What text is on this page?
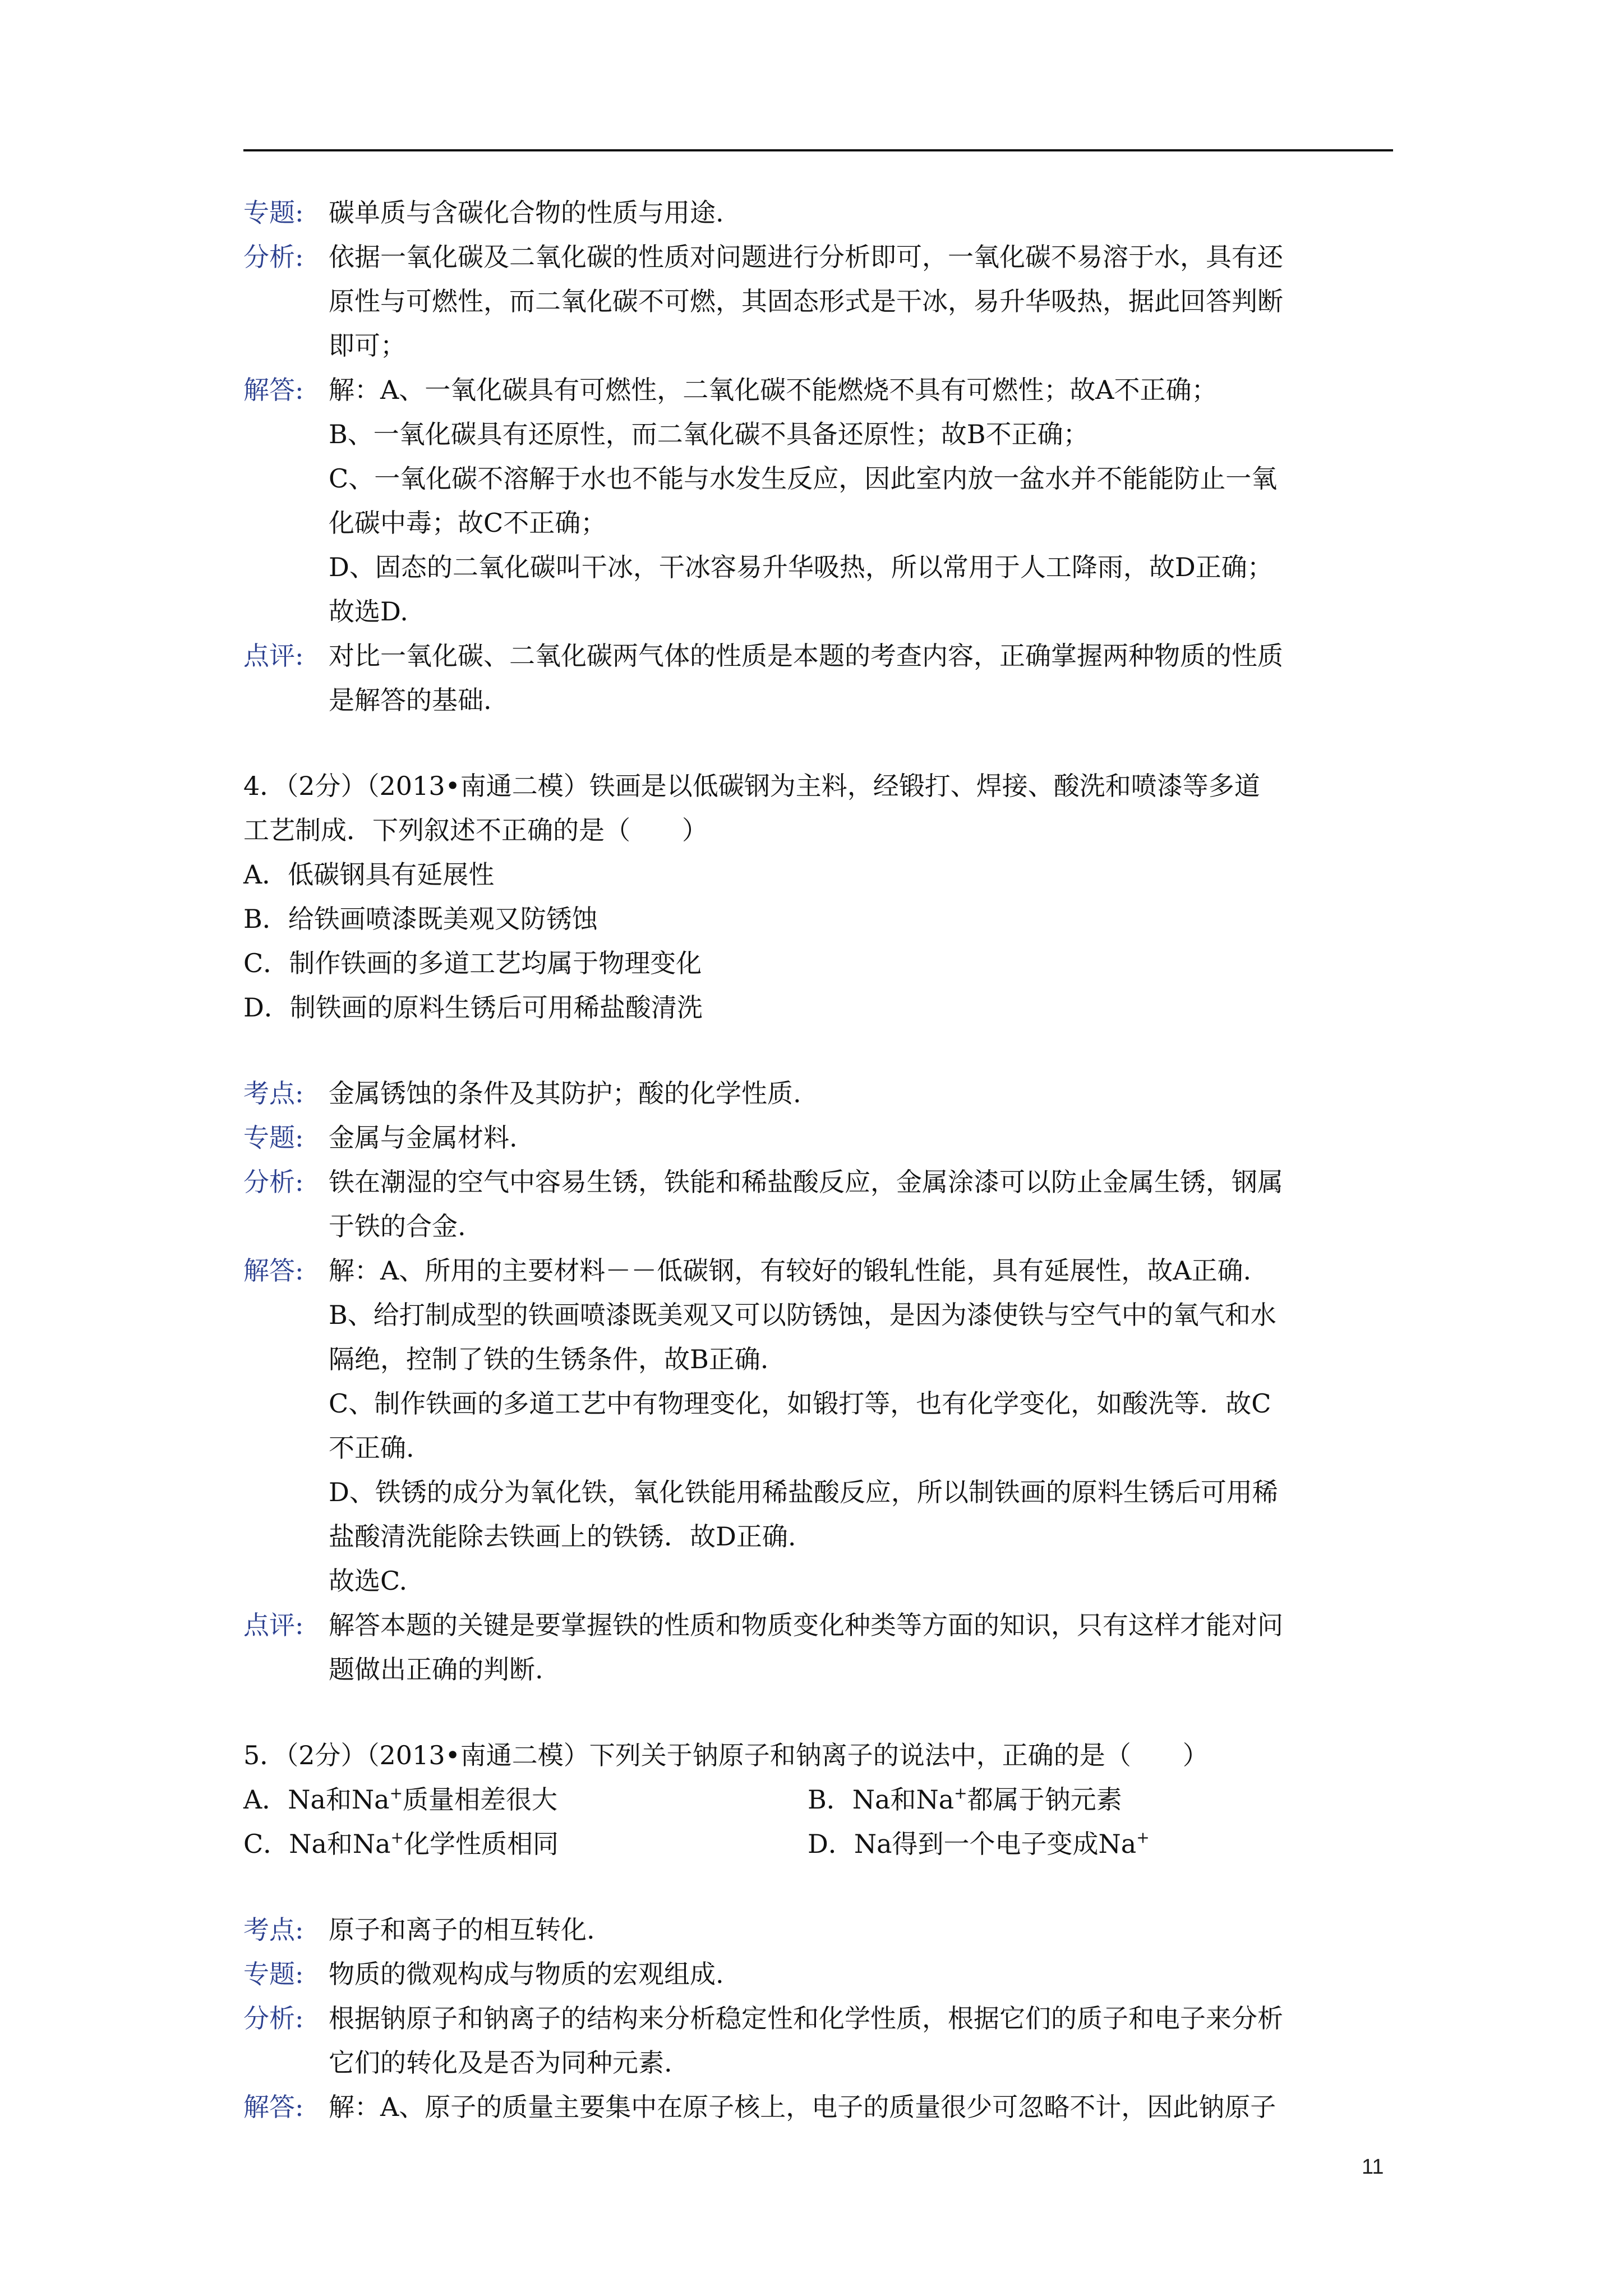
专题: 碳单质与含碳化合物的性质与用途.
分析: 依据一氧化碳及二氧化碳的性质对问题进行分析即可，一氧化碳不易溶于水，具有还
原性与可燃性，而二氧化碳不可燃，其固态形式是干冰，易升华吸热，据此回答判断
即可；
解答: 解：A、一氧化碳具有可燃性，二氧化碳不能燃烧不具有可燃性；故A不正确；
B、一氧化碳具有还原性，而二氧化碳不具备还原性；故B不正确；
C、一氧化碳不溶解于水也不能与水发生反应，因此室内放一盆水并不能能防止一氧
化碳中毒；故C不正确；
D、固态的二氧化碳叫干冰，干冰容易升华吸热，所以常用于人工降雨，故D正确；
故选D.
点评: 对比一氧化碳、二氧化碳两气体的性质是本题的考查内容，正确掌握两种物质的性质
是解答的基础.
4．（2分）（2013•南通二模）铁画是以低碳钢为主料，经锻打、焊接、酸洗和喷漆等多道
工艺制成．下列叙述不正确的是（　　）
A．低碳钢具有延展性
B．给铁画喷漆既美观又防锈蚀
C．制作铁画的多道工艺均属于物理变化
D．制铁画的原料生锈后可用稀盐酸清洗
考点: 金属锈蚀的条件及其防护；酸的化学性质.
专题: 金属与金属材料.
分析: 铁在潮湿的空气中容易生锈，铁能和稀盐酸反应，金属涂漆可以防止金属生锈，钢属
于铁的合金.
解答: 解：A、所用的主要材料－－低碳钢，有较好的锻轧性能，具有延展性，故A正确.
B、给打制成型的铁画喷漆既美观又可以防锈蚀，是因为漆使铁与空气中的氧气和水
隔绝，控制了铁的生锈条件，故B正确.
C、制作铁画的多道工艺中有物理变化，如锻打等，也有化学变化，如酸洗等．故C
不正确.
D、铁锈的成分为氧化铁，氧化铁能用稀盐酸反应，所以制铁画的原料生锈后可用稀
盐酸清洗能除去铁画上的铁锈．故D正确.
故选C.
点评: 解答本题的关键是要掌握铁的性质和物质变化种类等方面的知识，只有这样才能对问
题做出正确的判断.
5．（2分）（2013•南通二模）下列关于钠原子和钠离子的说法中，正确的是（　　）
A．Na和Na+质量相差很大	B．Na和Na+都属于钠元素
C．Na和Na+化学性质相同	D．Na得到一个电子变成Na+
考点: 原子和离子的相互转化.
专题: 物质的微观构成与物质的宏观组成.
分析: 根据钠原子和钠离子的结构来分析稳定性和化学性质，根据它们的质子和电子来分析
它们的转化及是否为同种元素.
解答: 解：A、原子的质量主要集中在原子核上，电子的质量很少可忽略不计，因此钠原子
11
